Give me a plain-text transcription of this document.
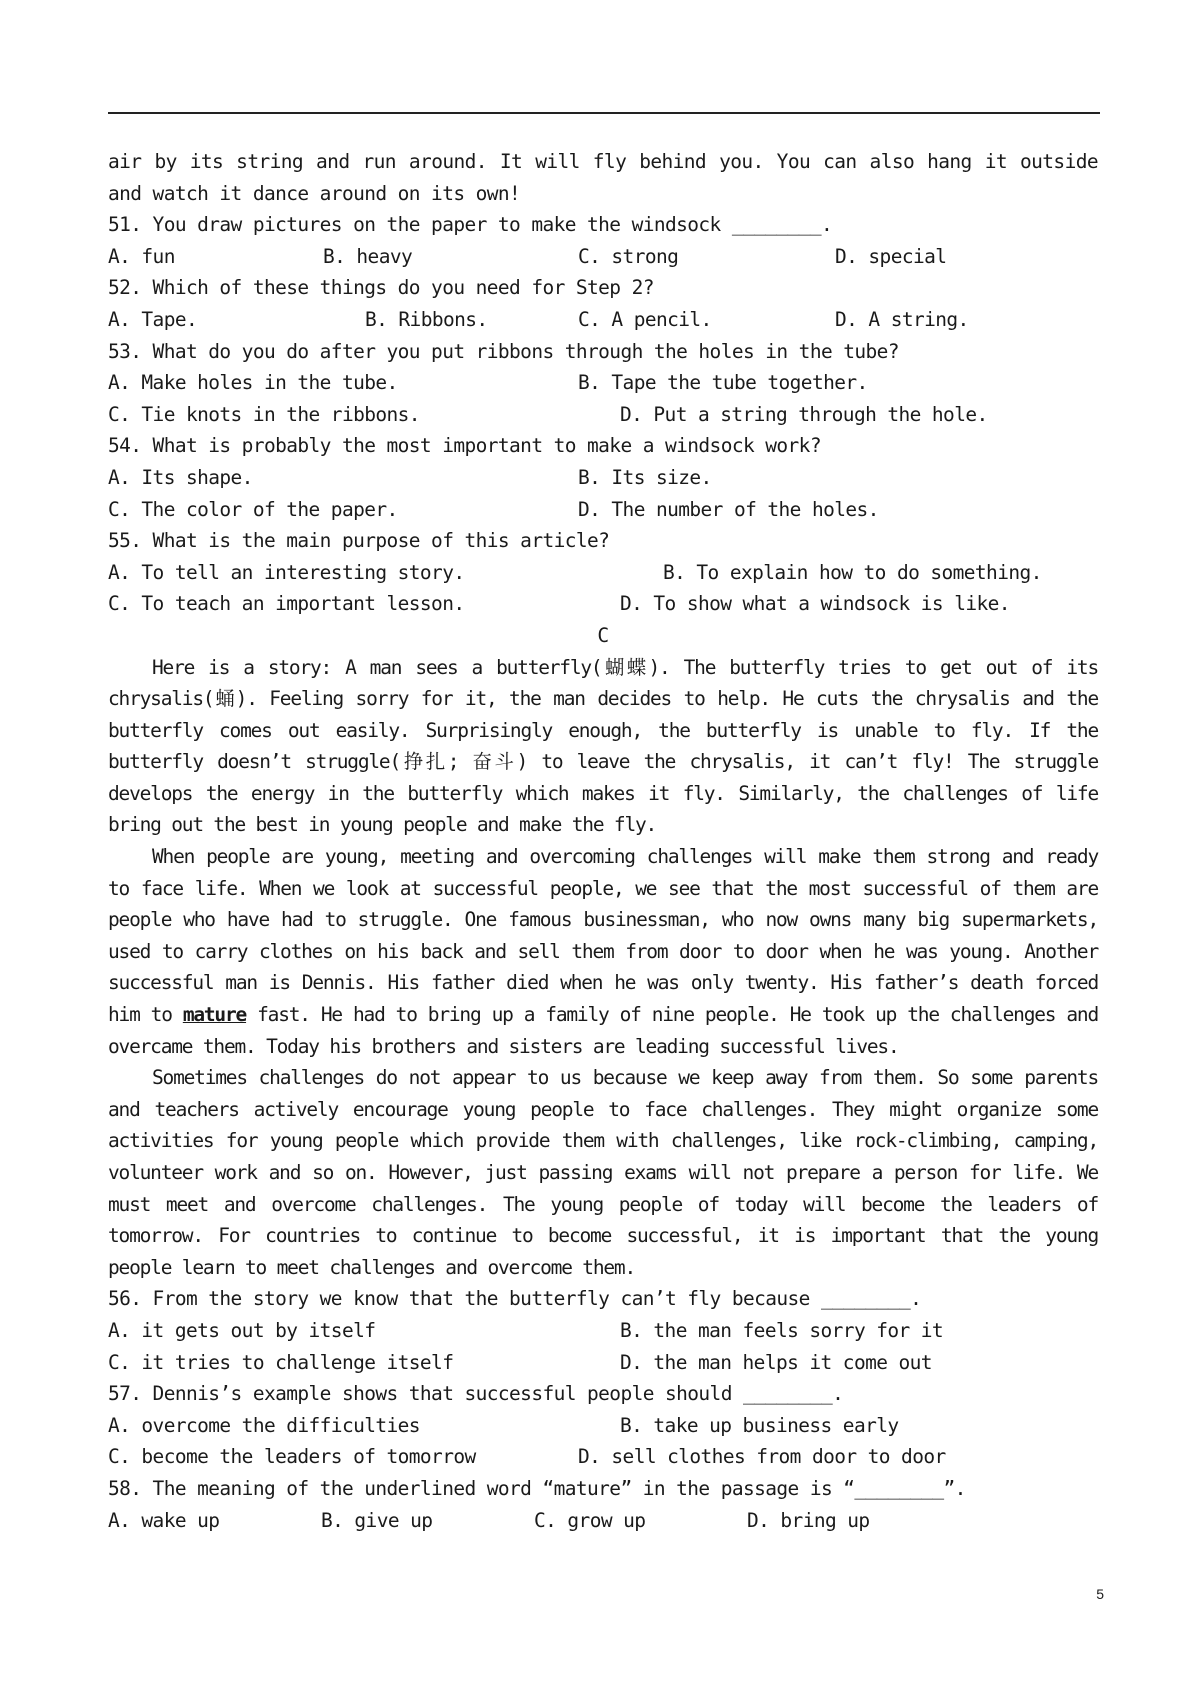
air by its string and run around. It will fly behind you. You can also hang it outside and watch it dance around on its own!
51. You draw pictures on the paper to make the windsock ________.
A. fun	B. heavy	C. strong	D. special
52. Which of these things do you need for Step 2?
A. Tape.	B. Ribbons.	C. A pencil.	D. A string.
53. What do you do after you put ribbons through the holes in the tube?
A. Make holes in the tube.	B. Tape the tube together.
C. Tie knots in the ribbons.	D. Put a string through the hole.
54. What is probably the most important to make a windsock work?
A. Its shape.	B. Its size.
C. The color of the paper.	D. The number of the holes.
55. What is the main purpose of this article?
A. To tell an interesting story.	B. To explain how to do something.
C. To teach an important lesson.	D. To show what a windsock is like.
C
Here is a story: A man sees a butterfly(蝴蝶). The butterfly tries to get out of its chrysalis(蛹). Feeling sorry for it, the man decides to help. He cuts the chrysalis and the butterfly comes out easily. Surprisingly enough, the butterfly is unable to fly. If the butterfly doesn’t struggle(挣扎; 奋斗) to leave the chrysalis, it can’t fly! The struggle develops the energy in the butterfly which makes it fly. Similarly, the challenges of life bring out the best in young people and make the fly.
When people are young, meeting and overcoming challenges will make them strong and ready to face life. When we look at successful people, we see that the most successful of them are people who have had to struggle. One famous businessman, who now owns many big supermarkets, used to carry clothes on his back and sell them from door to door when he was young. Another successful man is Dennis. His father died when he was only twenty. His father’s death forced him to mature fast. He had to bring up a family of nine people. He took up the challenges and overcame them. Today his brothers and sisters are leading successful lives.
Sometimes challenges do not appear to us because we keep away from them. So some parents and teachers actively encourage young people to face challenges. They might organize some activities for young people which provide them with challenges, like rock-climbing, camping, volunteer work and so on. However, just passing exams will not prepare a person for life. We must meet and overcome challenges. The young people of today will become the leaders of tomorrow. For countries to continue to become successful, it is important that the young people learn to meet challenges and overcome them.
56. From the story we know that the butterfly can’t fly because ________.
A. it gets out by itself	B. the man feels sorry for it
C. it tries to challenge itself	D. the man helps it come out
57. Dennis’s example shows that successful people should ________.
A. overcome the difficulties	B. take up business early
C. become the leaders of tomorrow	D. sell clothes from door to door
58. The meaning of the underlined word “mature” in the passage is “________”.
A. wake up	B. give up	C. grow up	D. bring up
5
